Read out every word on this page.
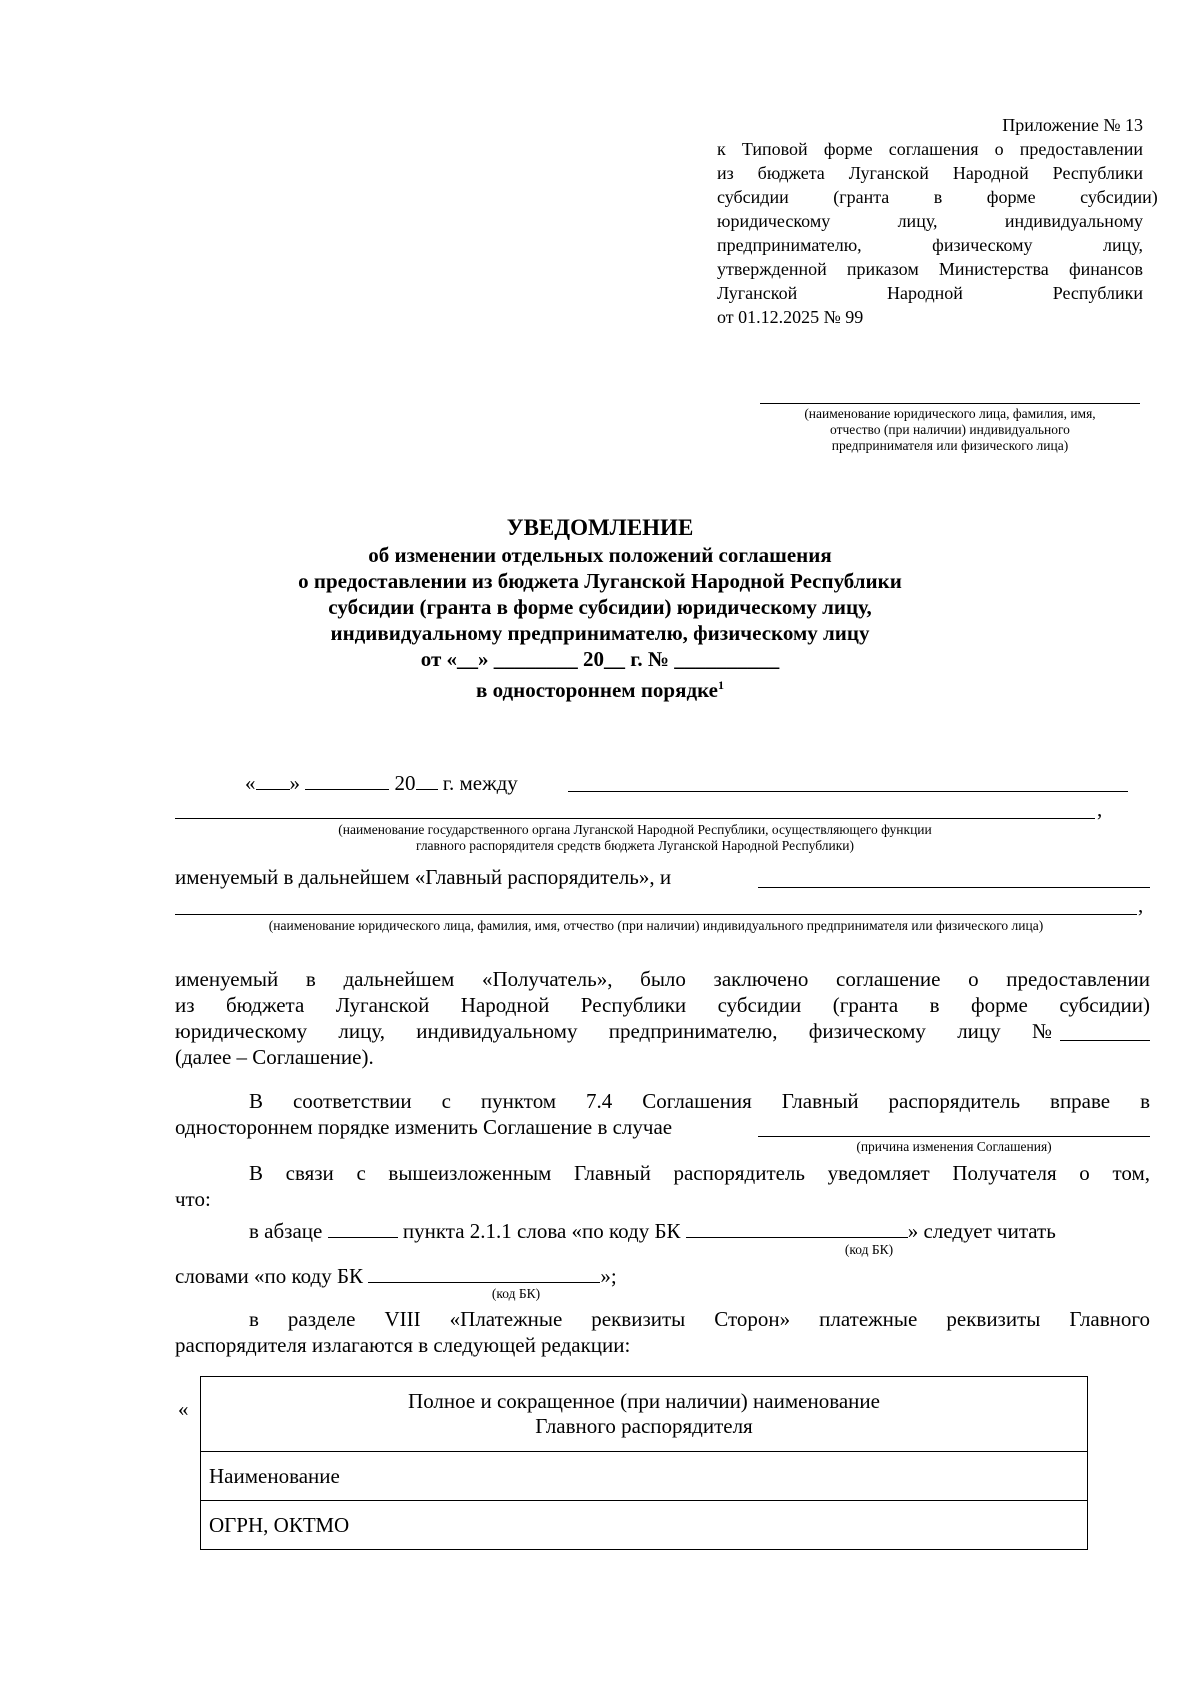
Приложение № 13
к Типовой форме соглашения о предоставлении
из бюджета Луганской Народной Республики
субсидии (гранта в форме субсидии)
юридическому лицу, индивидуальному
предпринимателю, физическому лицу,
утвержденной приказом Министерства финансов
Луганской Народной Республики
от 01.12.2025 № 99
(наименование юридического лица, фамилия, имя,
отчество (при наличии) индивидуального
предпринимателя или физического лица)
УВЕДОМЛЕНИЕ
об изменении отдельных положений соглашения
о предоставлении из бюджета Луганской Народной Республики
субсидии (гранта в форме субсидии) юридическому лицу,
индивидуальному предпринимателю, физическому лицу
от «__» ________ 20__ г. № __________
в одностороннем порядке$^1$
« »	20 г. между
,
(наименование государственного органа Луганской Народной Республики, осуществляющего функции
главного распорядителя средств бюджета Луганской Народной Республики)
именуемый в дальнейшем «Главный распорядитель», и
,
(наименование юридического лица, фамилия, имя, отчество (при наличии) индивидуального предпринимателя или физического лица)
именуемый в дальнейшем «Получатель», было заключено соглашение о предоставлении
из бюджета Луганской Народной Республики субсидии (гранта в форме субсидии)
юридическому лицу, индивидуальному предпринимателю, физическому лицу №
(далее – Соглашение).
В соответствии с пунктом 7.4 Соглашения Главный распорядитель вправе в
одностороннем порядке изменить Соглашение в случае
(причина изменения Соглашения)
В связи с вышеизложенным Главный распорядитель уведомляет Получателя о том,
что:
в абзаце	пункта 2.1.1 слова «по коду БК	» следует читать
(код БК)
словами «по коду БК	»;
(код БК)
в разделе VIII «Платежные реквизиты Сторон» платежные реквизиты Главного
распорядителя излагаются в следующей редакции:
«	Полное и сокращенное (при наличии) наименование
Главного распорядителя

Наименование
ОГРН, ОКТМО
